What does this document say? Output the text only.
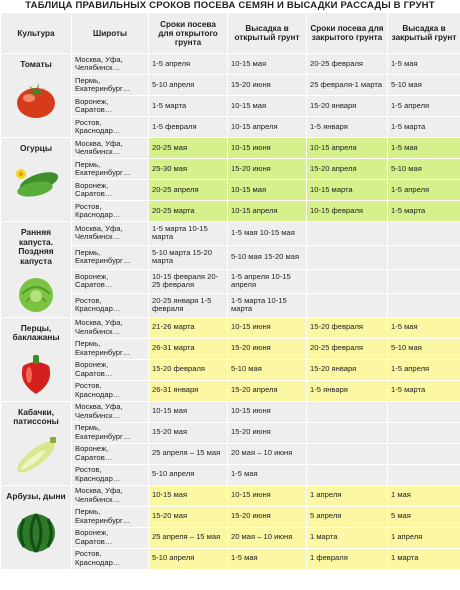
ТАБЛИЦА ПРАВИЛЬНЫХ СРОКОВ ПОСЕВА СЕМЯН И ВЫСАДКИ РАССАДЫ В ГРУНТ
Культура	Широты	Сроки посева для открытого грунта	Высадка в открытый грунт	Сроки посева для закрытого грунта	Высадка в закрытый грунт

Томаты	Москва, Уфа, Челябинск…	1-5 апреля	10-15 мая	20-25 февраля	1-5 мая
	Пермь, Екатеринбург…	5-10 апреля	15-20 июня	25 февраля-1 марта	5-10 мая
	Воронеж, Саратов…	1-5 марта	10-15 мая	15-20 января	1-5 апреля
	Ростов, Краснодар…	1-5 февраля	10-15 апреля	1-5 января	1-5 марта

Огурцы	Москва, Уфа, Челябинск…	20-25 мая	10-15 июня	10-15 апреля	1-5 мая
	Пермь, Екатеринбург…	25-30 мая	15-20 июня	15-20 апреля	5-10 мая
	Воронеж, Саратов…	20-25 апреля	10-15 мая	10-15 марта	1-5 апреля
	Ростов, Краснодар…	20-25 марта	10-15 апреля	10-15 февраля	1-5 марта

Ранняя капуста. Поздняя капуста	Москва, Уфа, Челябинск…	1-5 марта 10-15 марта	1-5 мая 10-15 мая		
	Пермь, Екатеринбург…	5-10 марта 15-20 марта	5-10 мая 15-20 мая		
	Воронеж, Саратов…	10-15 февраля 20-25 февраля	1-5 апреля 10-15 апреля		
	Ростов, Краснодар…	20-25 января 1-5 февраля	1-5 марта 10-15 марта		

Перцы, баклажаны	Москва, Уфа, Челябинск…	21-26 марта	10-15 июня	15-20 февраля	1-5 мая
	Пермь, Екатеринбург…	26-31 марта	15-20 июня	20-25 февраля	5-10 мая
	Воронеж, Саратов…	15-20 февраля	5-10 мая	15-20 января	1-5 апреля
	Ростов, Краснодар…	26-31 января	15-20 апреля	1-5 января	1-5 марта

Кабачки, патиссоны	Москва, Уфа, Челябинск…	10-15 мая	10-15 июня		
	Пермь, Екатеринбург…	15-20 мая	15-20 июня		
	Воронеж, Саратов…	25 апреля – 15 мая	20 мая – 10 июня		
	Ростов, Краснодар…	5-10 апреля	1-5 мая		

Арбузы, дыни	Москва, Уфа, Челябинск…	10-15 мая	10-15 июня	1 апреля	1 мая
	Пермь, Екатеринбург…	15-20 мая	15-20 июня	5 апреля	5 мая
	Воронеж, Саратов…	25 апреля – 15 мая	20 мая – 10 июня	1 марта	1 апреля
	Ростов, Краснодар…	5-10 апреля	1-5 мая	1 февраля	1 марта
